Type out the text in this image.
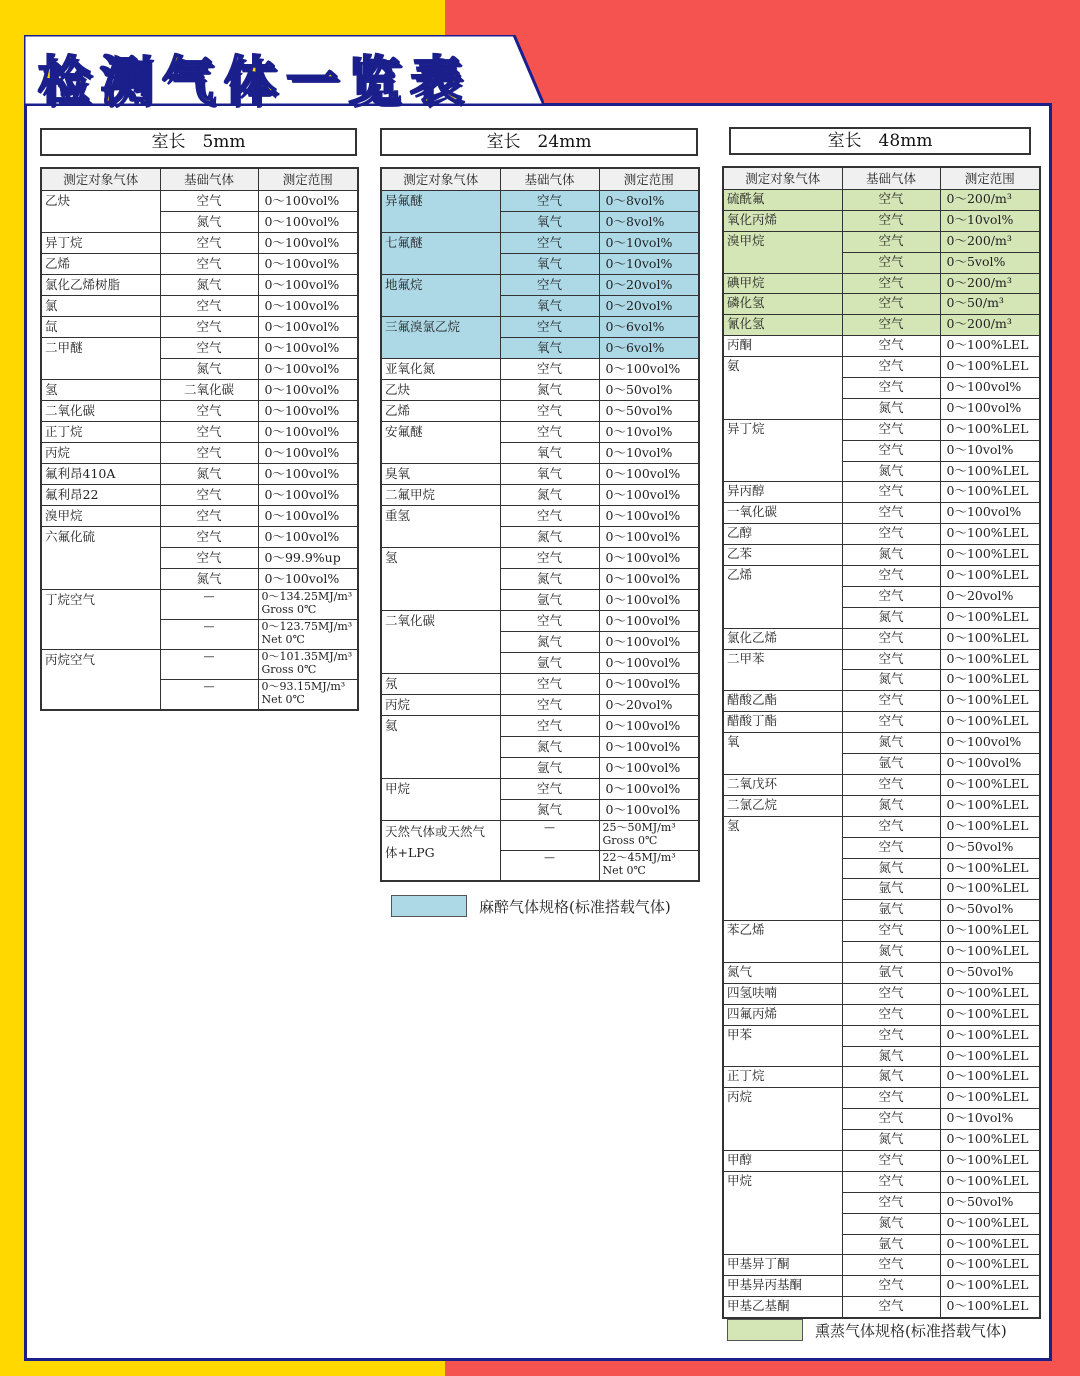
检测气体一览表
室长　5mm
测定对象气体	基础气体	测定范围
乙炔	空气	0～100vol%
	氮气	0～100vol%
异丁烷	空气	0～100vol%
乙烯	空气	0～100vol%
氯化乙烯树脂	氮气	0～100vol%
氯	空气	0～100vol%
氙	空气	0～100vol%
二甲醚	空气	0～100vol%
	氮气	0～100vol%
氢	二氧化碳	0～100vol%
二氧化碳	空气	0～100vol%
正丁烷	空气	0～100vol%
丙烷	空气	0～100vol%
氟利昂410A	氮气	0～100vol%
氟利昂22	空气	0～100vol%
溴甲烷	空气	0～100vol%
六氟化硫	空气	0～100vol%
	空气	0～99.9%up
	氮气	0～100vol%
丁烷空气	—	0～134.25MJ/m³
Gross 0℃

	—	0～123.75MJ/m³
Net 0℃

丙烷空气	—	0～101.35MJ/m³
Gross 0℃

	—	0～93.15MJ/m³
Net 0℃
室长　24mm
测定对象气体	基础气体	测定范围
异氟醚	空气	0～8vol%
	氧气	0～8vol%
七氟醚	空气	0～10vol%
	氧气	0～10vol%
地氟烷	空气	0～20vol%
	氧气	0～20vol%
三氟溴氯乙烷	空气	0～6vol%
	氧气	0～6vol%
亚氧化氮	空气	0～100vol%
乙炔	氮气	0～50vol%
乙烯	空气	0～50vol%
安氟醚	空气	0～10vol%
	氧气	0～10vol%
臭氧	氧气	0～100vol%
二氟甲烷	氮气	0～100vol%
重氢	空气	0～100vol%
	氮气	0～100vol%
氢	空气	0～100vol%
	氮气	0～100vol%
	氩气	0～100vol%
二氧化碳	空气	0～100vol%
	氮气	0～100vol%
	氩气	0～100vol%
氖	空气	0～100vol%
丙烷	空气	0～20vol%
氦	空气	0～100vol%
	氮气	0～100vol%
	氩气	0～100vol%
甲烷	空气	0～100vol%
	氮气	0～100vol%
天然气体或天然气体+LPG	—	25～50MJ/m³
Gross 0℃

	—	22～45MJ/m³
Net 0℃
麻醉气体规格(标准搭载气体)
室长　48mm
测定对象气体	基础气体	测定范围
硫酰氟	空气	0～200/m³
氧化丙烯	空气	0～10vol%
溴甲烷	空气	0～200/m³
	空气	0～5vol%
碘甲烷	空气	0～200/m³
磷化氢	空气	0～50/m³
氰化氢	空气	0～200/m³
丙酮	空气	0～100%LEL
氨	空气	0～100%LEL
	空气	0～100vol%
	氮气	0～100vol%
异丁烷	空气	0～100%LEL
	空气	0～10vol%
	氮气	0～100%LEL
异丙醇	空气	0～100%LEL
一氧化碳	空气	0～100vol%
乙醇	空气	0～100%LEL
乙苯	氮气	0～100%LEL
乙烯	空气	0～100%LEL
	空气	0～20vol%
	氮气	0～100%LEL
氯化乙烯	空气	0～100%LEL
二甲苯	空气	0～100%LEL
	氮气	0～100%LEL
醋酸乙酯	空气	0～100%LEL
醋酸丁酯	空气	0～100%LEL
氧	氮气	0～100vol%
	氩气	0～100vol%
二氧戊环	空气	0～100%LEL
二氯乙烷	氮气	0～100%LEL
氢	空气	0～100%LEL
	空气	0～50vol%
	氮气	0～100%LEL
	氩气	0～100%LEL
	氩气	0～50vol%
苯乙烯	空气	0～100%LEL
	氮气	0～100%LEL
氮气	氩气	0～50vol%
四氢呋喃	空气	0～100%LEL
四氟丙烯	空气	0～100%LEL
甲苯	空气	0～100%LEL
	氮气	0～100%LEL
正丁烷	氮气	0～100%LEL
丙烷	空气	0～100%LEL
	空气	0～10vol%
	氮气	0～100%LEL
甲醇	空气	0～100%LEL
甲烷	空气	0～100%LEL
	空气	0～50vol%
	氮气	0～100%LEL
	氩气	0～100%LEL
甲基异丁酮	空气	0～100%LEL
甲基异丙基酮	空气	0～100%LEL
甲基乙基酮	空气	0～100%LEL
熏蒸气体规格(标准搭载气体)
